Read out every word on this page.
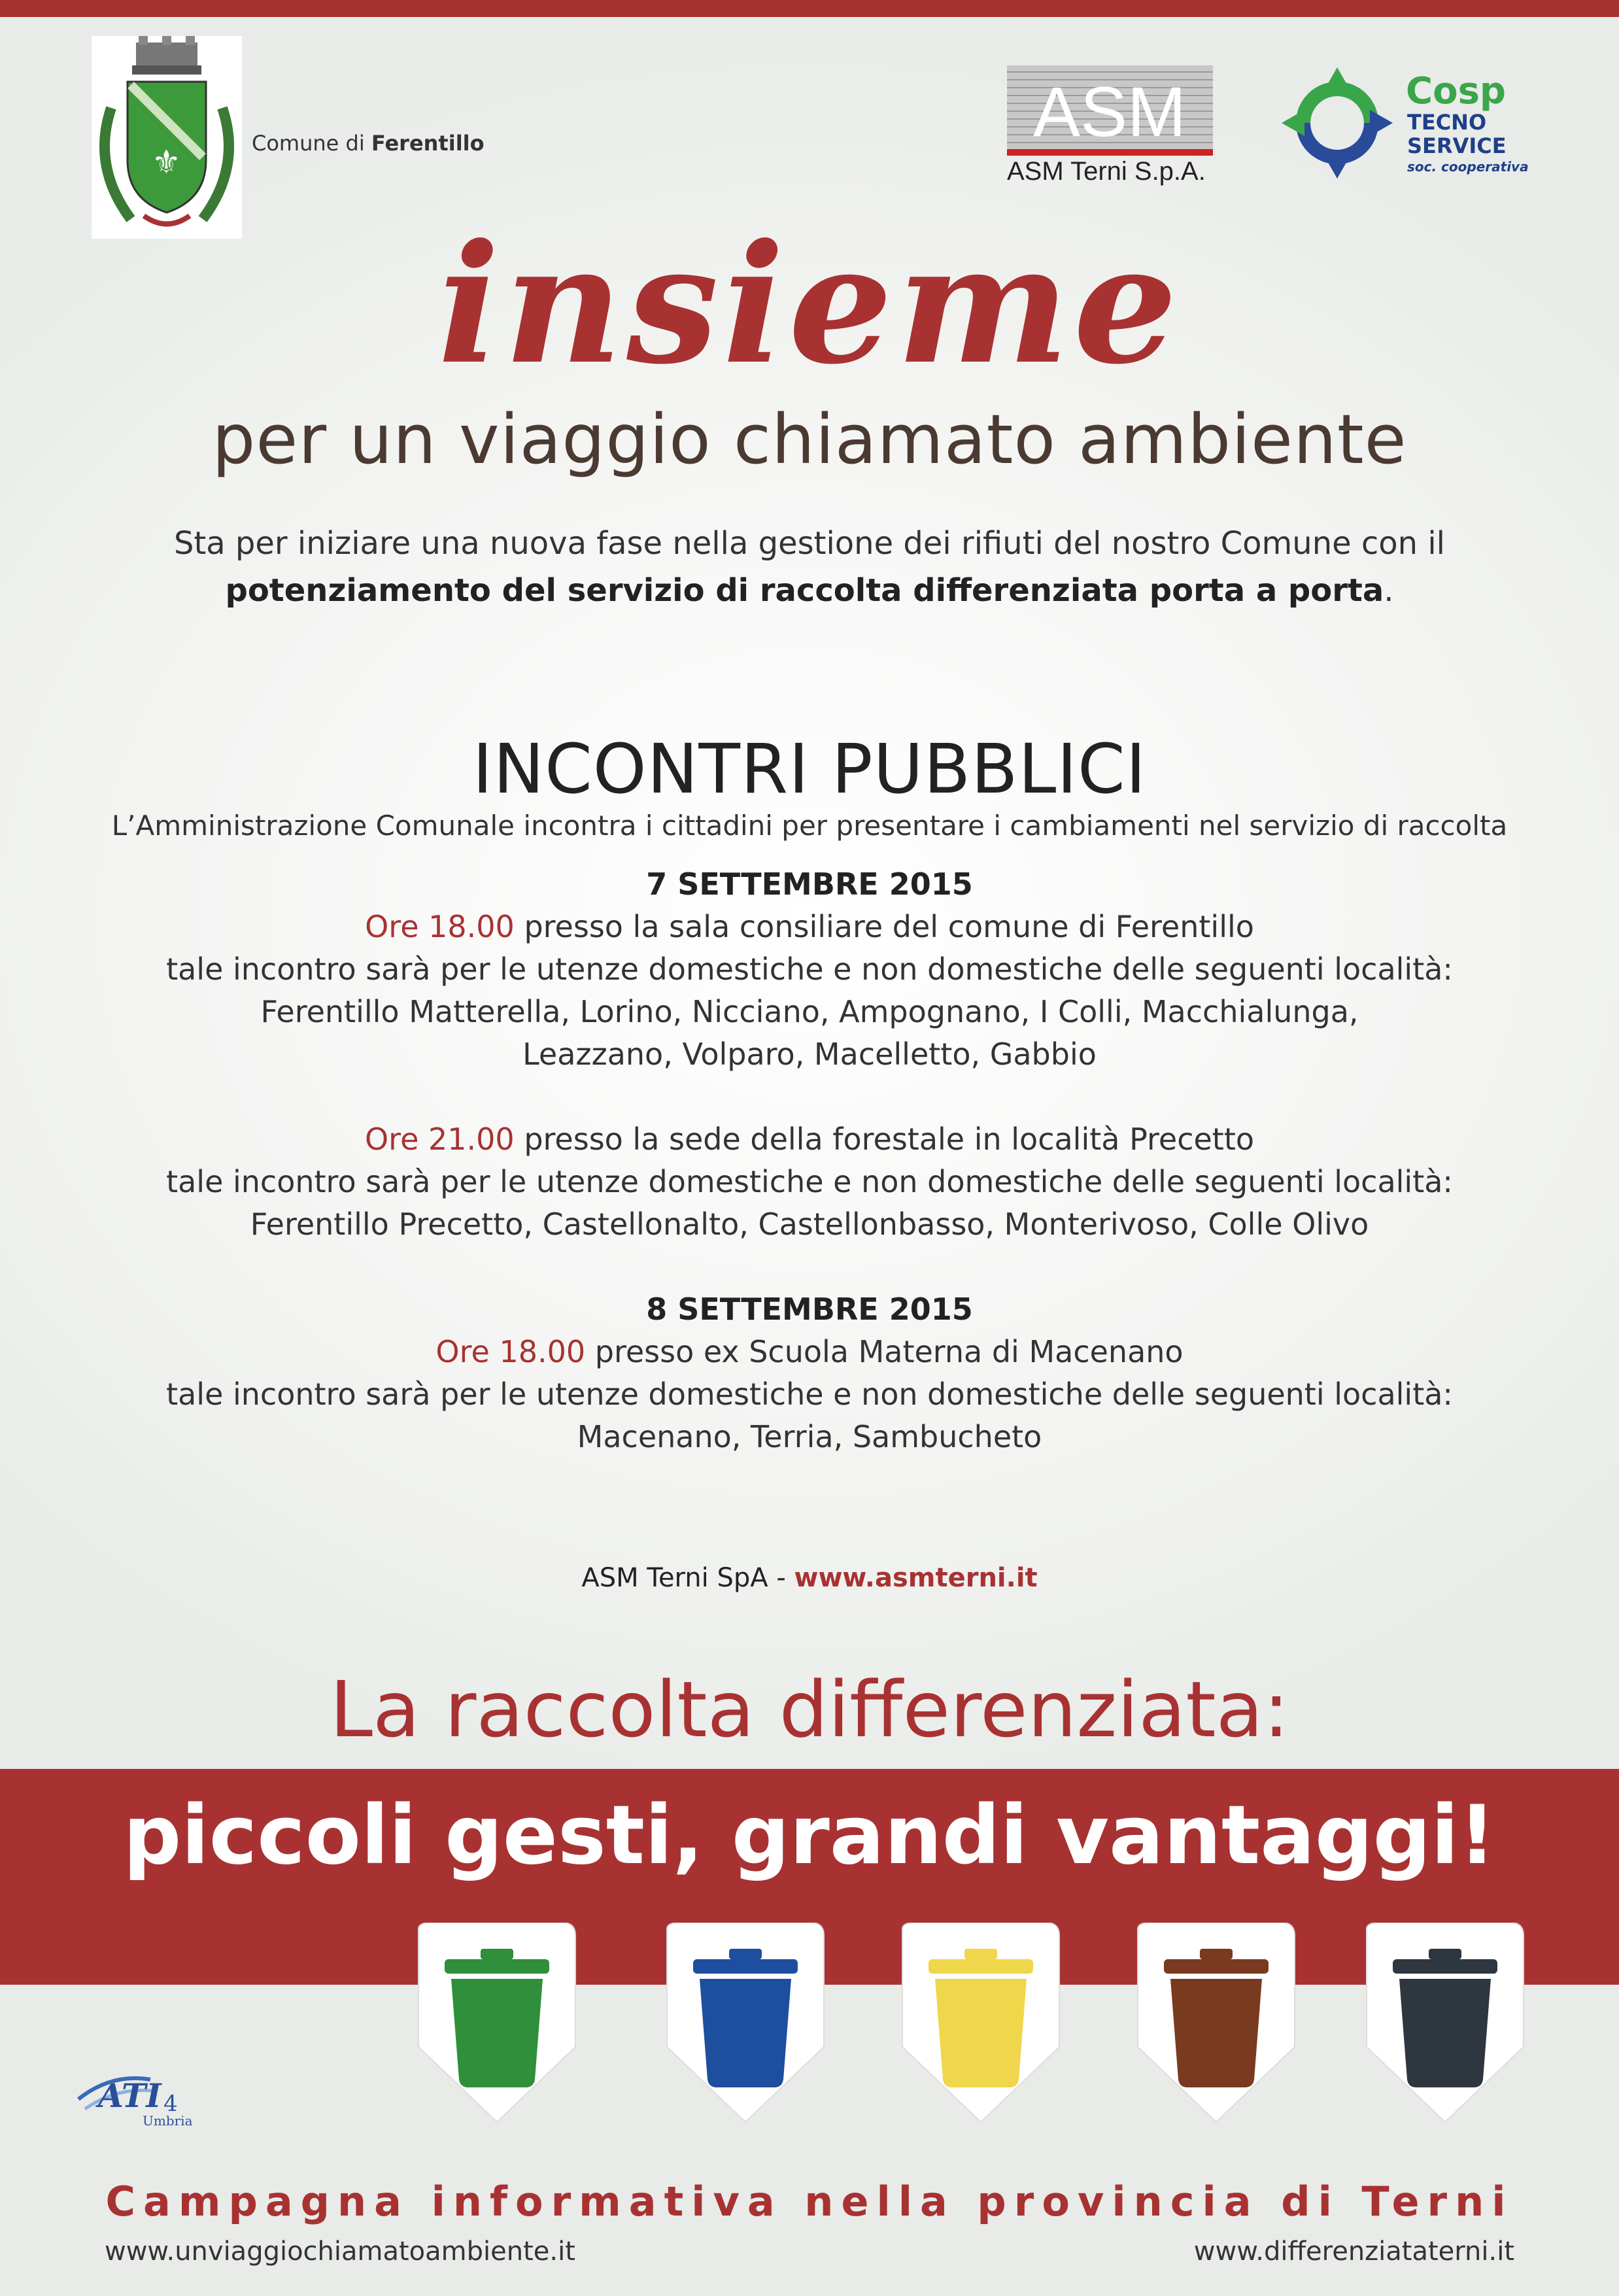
⚜	Comune di Ferentillo	ASM
ASM Terni S.p.A.
Cosp
TECNO
SERVICE
soc. cooperativa
insieme
per un viaggio chiamato ambiente
Sta per iniziare una nuova fase nella gestione dei rifiuti del nostro Comune con il
potenziamento del servizio di raccolta differenziata porta a porta.
INCONTRI PUBBLICI
L’Amministrazione Comunale incontra i cittadini per presentare i cambiamenti nel servizio di raccolta
7 SETTEMBRE 2015
Ore 18.00 presso la sala consiliare del comune di Ferentillo
tale incontro sarà per le utenze domestiche e non domestiche delle seguenti località:
Ferentillo Matterella, Lorino, Nicciano, Ampognano, I Colli, Macchialunga,
Leazzano, Volparo, Macelletto, Gabbio
Ore 21.00 presso la sede della forestale in località Precetto
tale incontro sarà per le utenze domestiche e non domestiche delle seguenti località:
Ferentillo Precetto, Castellonalto, Castellonbasso, Monterivoso, Colle Olivo
8 SETTEMBRE 2015
Ore 18.00 presso ex Scuola Materna di Macenano
tale incontro sarà per le utenze domestiche e non domestiche delle seguenti località:
Macenano, Terria, Sambucheto
ASM Terni SpA - www.asmterni.it
La raccolta differenziata:
piccoli gesti, grandi vantaggi!
ATI 4
Umbria
Campagna informativa nella provincia di Terni
www.unviaggiochiamatoambiente.it	www.differenziataterni.it
